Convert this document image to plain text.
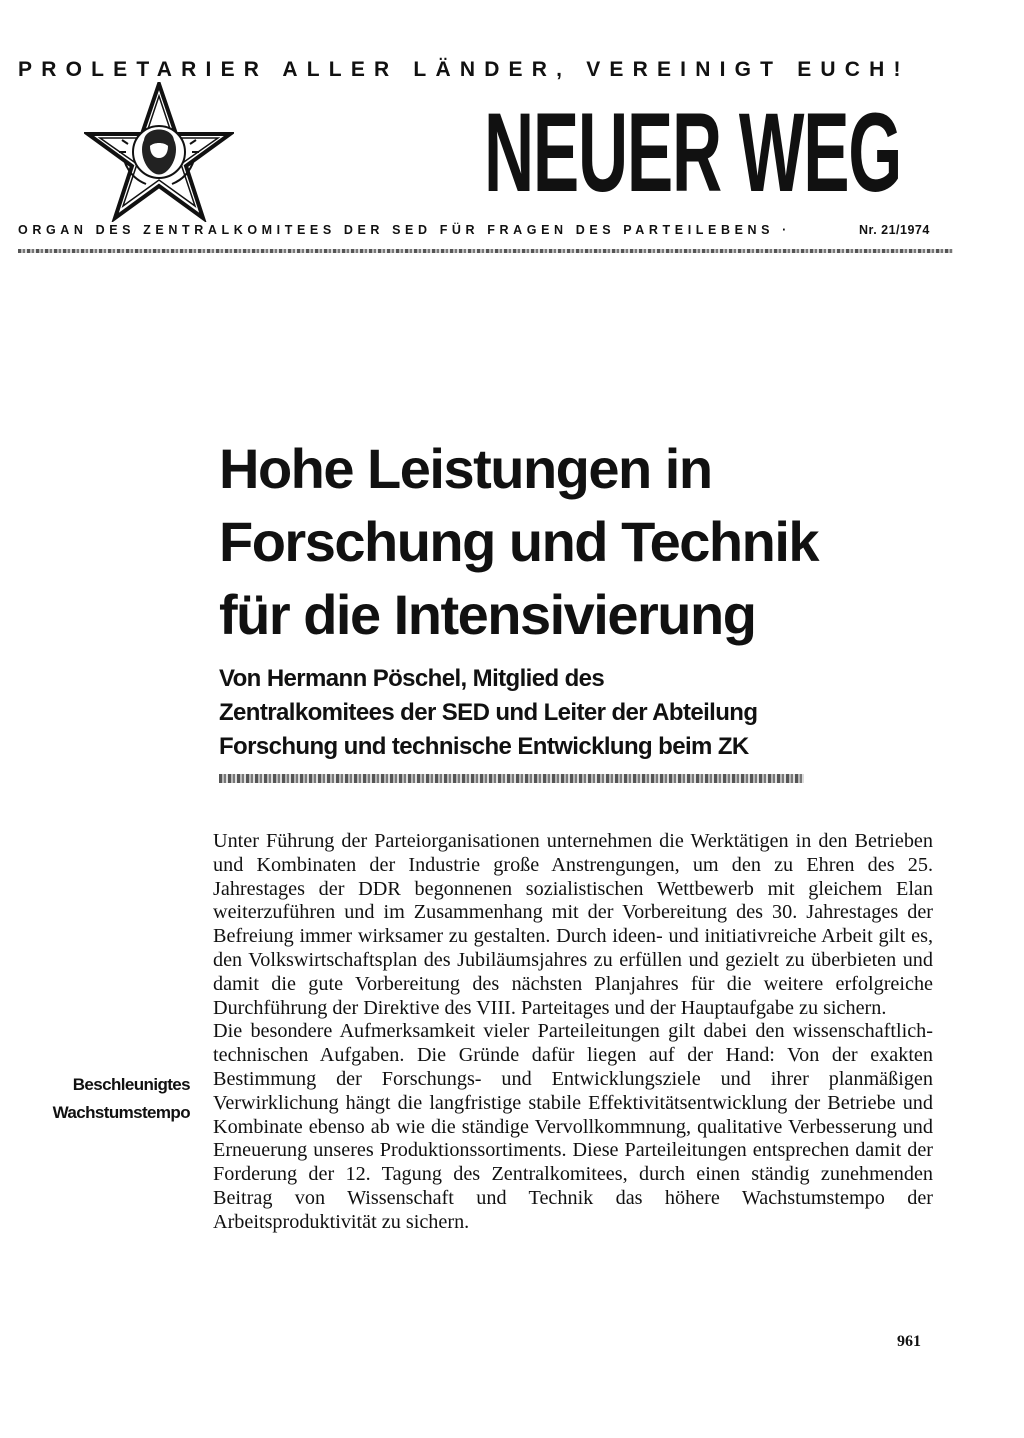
PROLETARIER ALLER LÄNDER, VEREINIGT EUCH!
NEUER WEG
ORGAN DES ZENTRALKOMITEES DER SED FÜR FRAGEN DES PARTEILEBENS ·	Nr. 21/1974
Hohe Leistungen in
Forschung und Technik
für die Intensivierung
Von Hermann Pöschel, Mitglied des
Zentralkomitees der SED und Leiter der Abteilung
Forschung und technische Entwicklung beim ZK

Unter Führung der Parteiorganisationen unternehmen die Werktätigen in den Betrieben und Kombinaten der Industrie große Anstrengungen, um den zu Ehren des 25. Jahrestages der DDR begonnenen sozialistischen Wettbewerb mit gleichem Elan weiterzuführen und im Zusammenhang mit der Vorbereitung des 30. Jahrestages der Befreiung immer wirksamer zu gestalten. Durch ideen- und initiativreiche Arbeit gilt es, den Volkswirtschaftsplan des Jubiläumsjahres zu erfüllen und gezielt zu überbieten und damit die gute Vorbereitung des nächsten Planjahres für die weitere erfolgreiche Durchführung der Direktive des VIII. Parteitages und der Hauptaufgabe zu sichern.

Die besondere Aufmerksamkeit vieler Parteileitungen gilt dabei den wissenschaftlich-technischen Aufgaben. Die Gründe dafür liegen auf der Hand: Von der exakten Bestimmung der Forschungs- und Entwicklungsziele und ihrer planmäßigen Verwirklichung hängt die langfristige stabile Effektivitätsentwicklung der Betriebe und Kombinate ebenso ab wie die ständige Vervollkommnung, qualitative Verbesserung und Erneuerung unseres Produktionssortiments. Diese Parteileitungen entsprechen damit der Forderung der 12. Tagung des Zentralkomitees, durch einen ständig zunehmenden Beitrag von Wissenschaft und Technik das höhere Wachstumstempo der Arbeitsproduktivität zu sichern.

Beschleunigtes
Wachstumstempo
961
